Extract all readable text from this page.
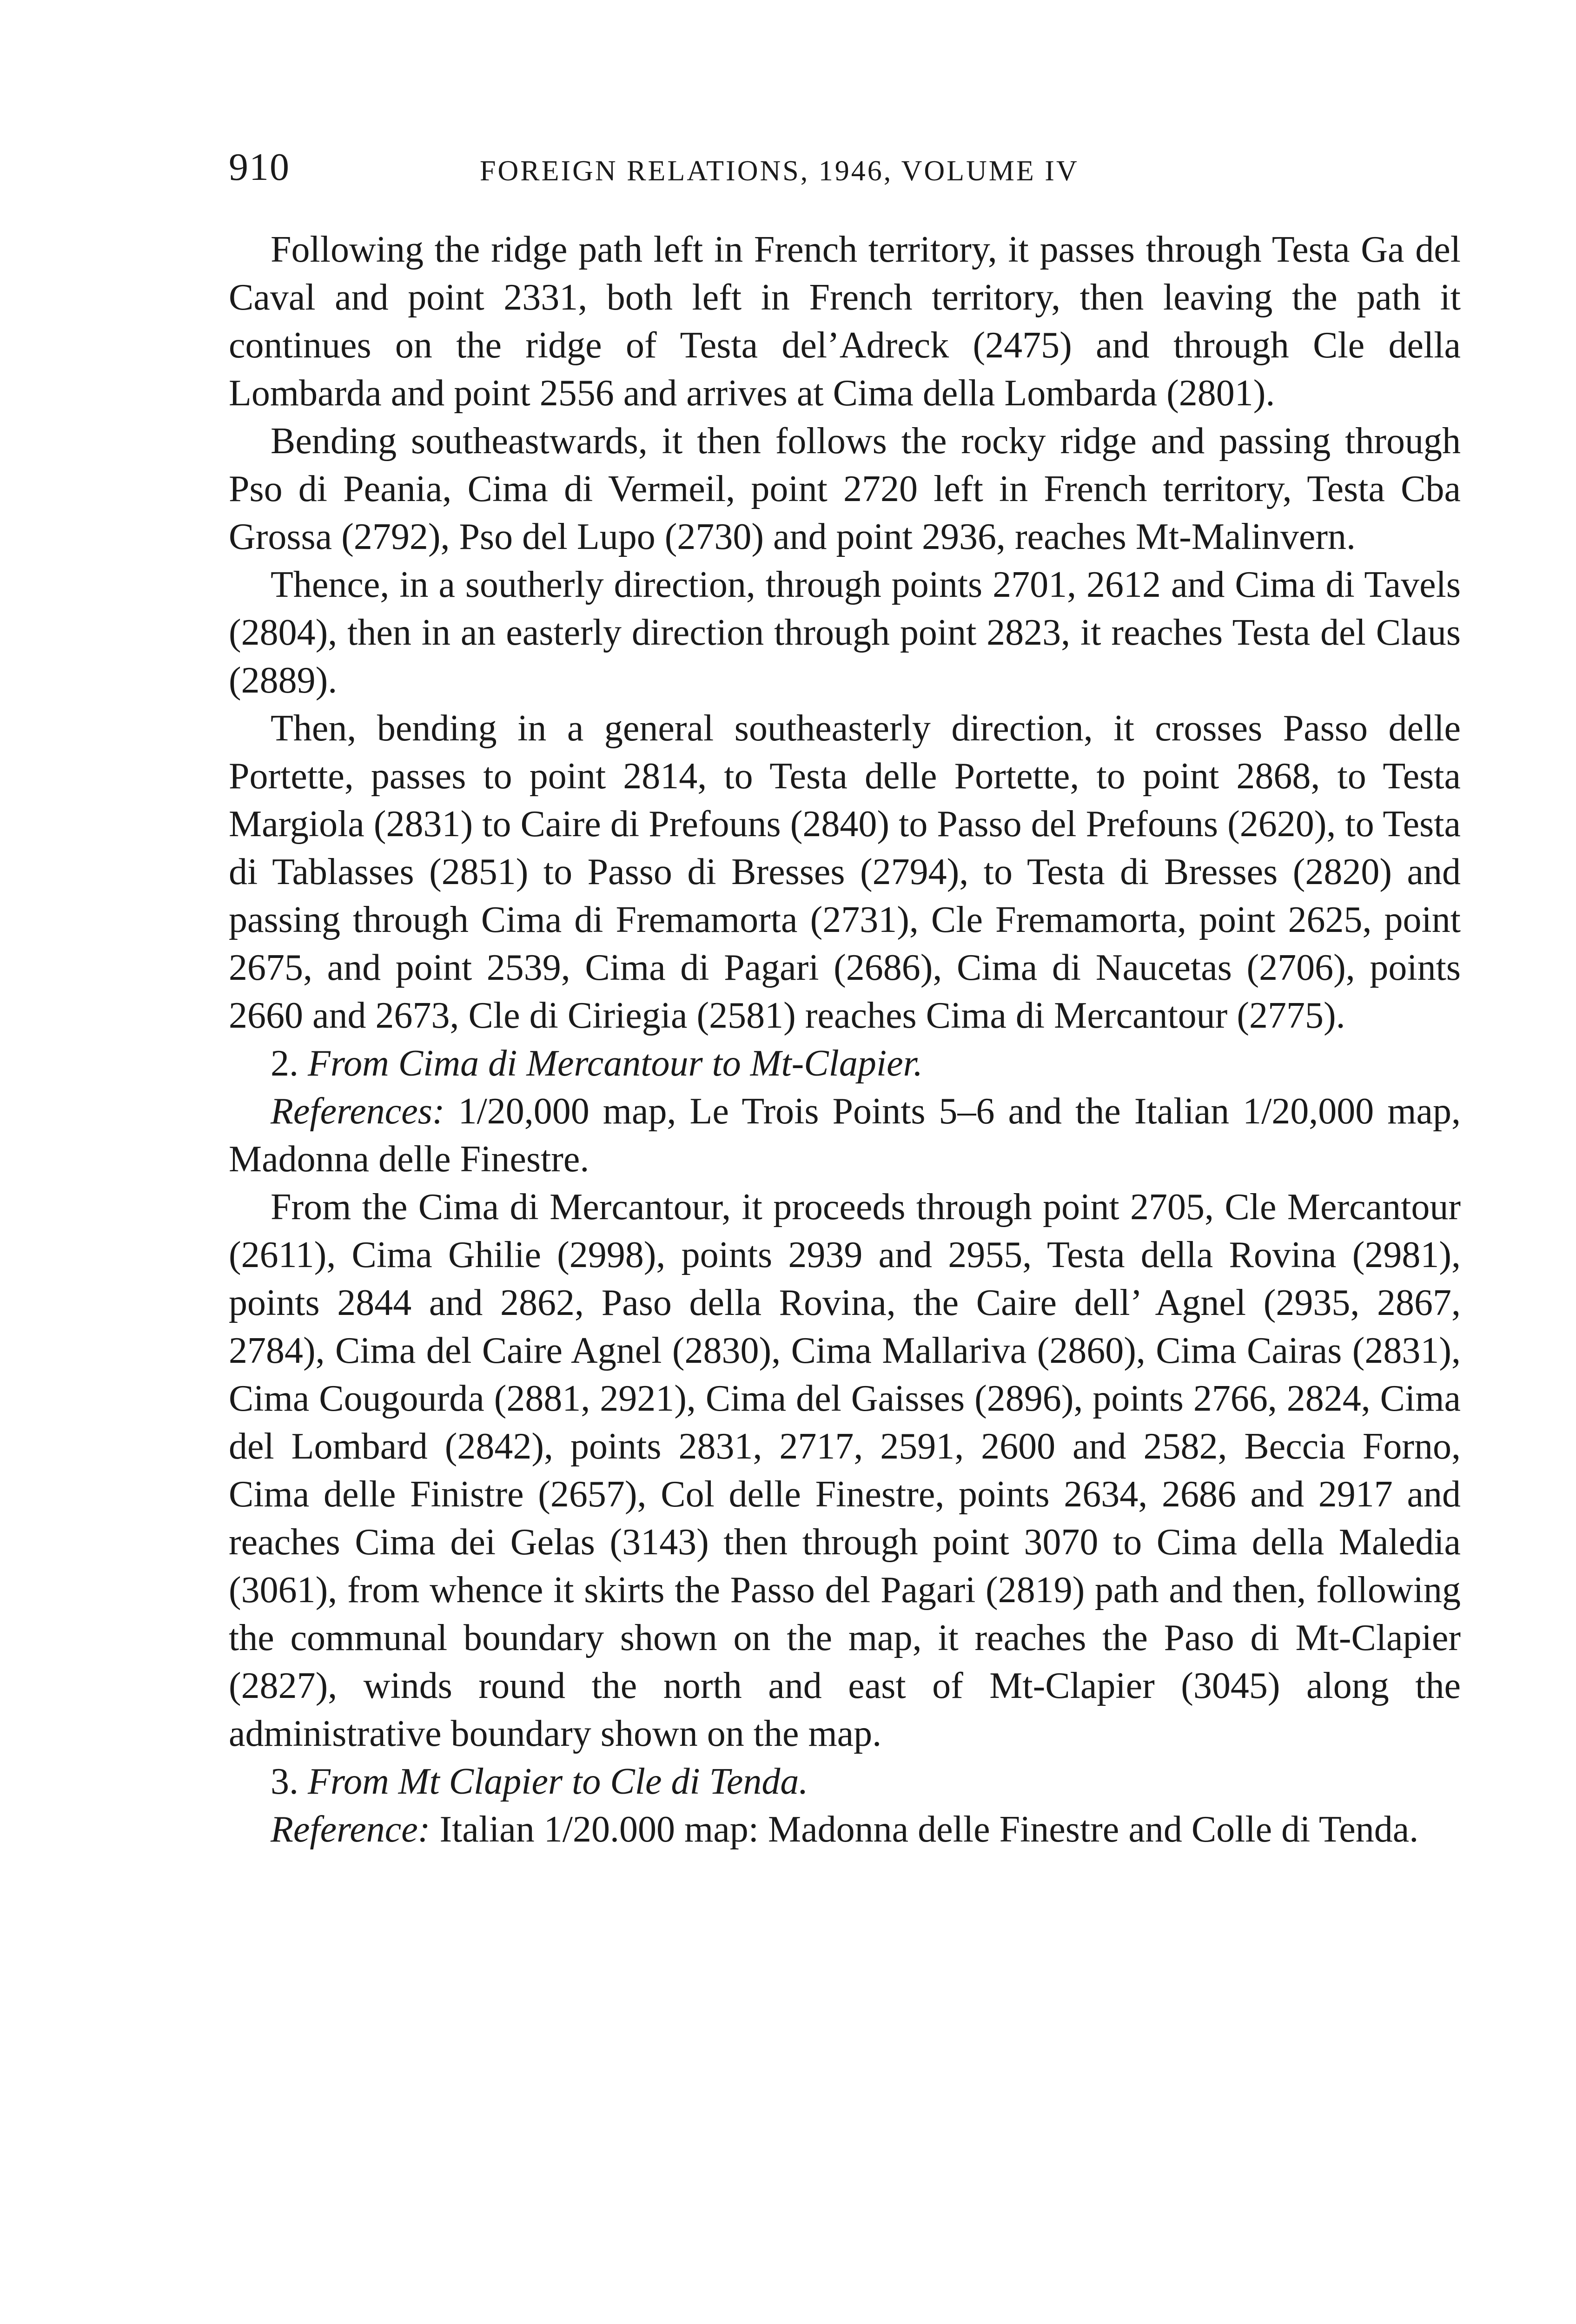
910	FOREIGN RELATIONS, 1946, VOLUME IV

Following the ridge path left in French territory, it passes through Testa Ga del Caval and point 2331, both left in French territory, then leaving the path it continues on the ridge of Testa del’Adreck (2475) and through Cle della Lombarda and point 2556 and arrives at Cima della Lombarda (2801).

Bending southeastwards, it then follows the rocky ridge and passing through Pso di Peania, Cima di Vermeil, point 2720 left in French territory, Testa Cba Grossa (2792), Pso del Lupo (2730) and point 2936, reaches Mt-Malinvern.

Thence, in a southerly direction, through points 2701, 2612 and Cima di Tavels (2804), then in an easterly direction through point 2823, it reaches Testa del Claus (2889).

Then, bending in a general southeasterly direction, it crosses Passo delle Portette, passes to point 2814, to Testa delle Portette, to point 2868, to Testa Margiola (2831) to Caire di Prefouns (2840) to Passo del Prefouns (2620), to Testa di Tablasses (2851) to Passo di Bresses (2794), to Testa di Bresses (2820) and passing through Cima di Fremamorta (2731), Cle Fremamorta, point 2625, point 2675, and point 2539, Cima di Pagari (2686), Cima di Naucetas (2706), points 2660 and 2673, Cle di Ciriegia (2581) reaches Cima di Mercantour (2775).

2. From Cima di Mercantour to Mt-Clapier.

References: 1/20,000 map, Le Trois Points 5–6 and the Italian 1/20,000 map, Madonna delle Finestre.

From the Cima di Mercantour, it proceeds through point 2705, Cle Mercantour (2611), Cima Ghilie (2998), points 2939 and 2955, Testa della Rovina (2981), points 2844 and 2862, Paso della Rovina, the Caire dell’ Agnel (2935, 2867, 2784), Cima del Caire Agnel (2830), Cima Mallariva (2860), Cima Cairas (2831), Cima Cougourda (2881, 2921), Cima del Gaisses (2896), points 2766, 2824, Cima del Lombard (2842), points 2831, 2717, 2591, 2600 and 2582, Beccia Forno, Cima delle Finistre (2657), Col delle Finestre, points 2634, 2686 and 2917 and reaches Cima dei Gelas (3143) then through point 3070 to Cima della Maledia (3061), from whence it skirts the Passo del Pagari (2819) path and then, following the communal boundary shown on the map, it reaches the Paso di Mt-Clapier (2827), winds round the north and east of Mt-Clapier (3045) along the administrative boundary shown on the map.

3. From Mt Clapier to Cle di Tenda.

Reference: Italian 1/20.000 map: Madonna delle Finestre and Colle di Tenda.
